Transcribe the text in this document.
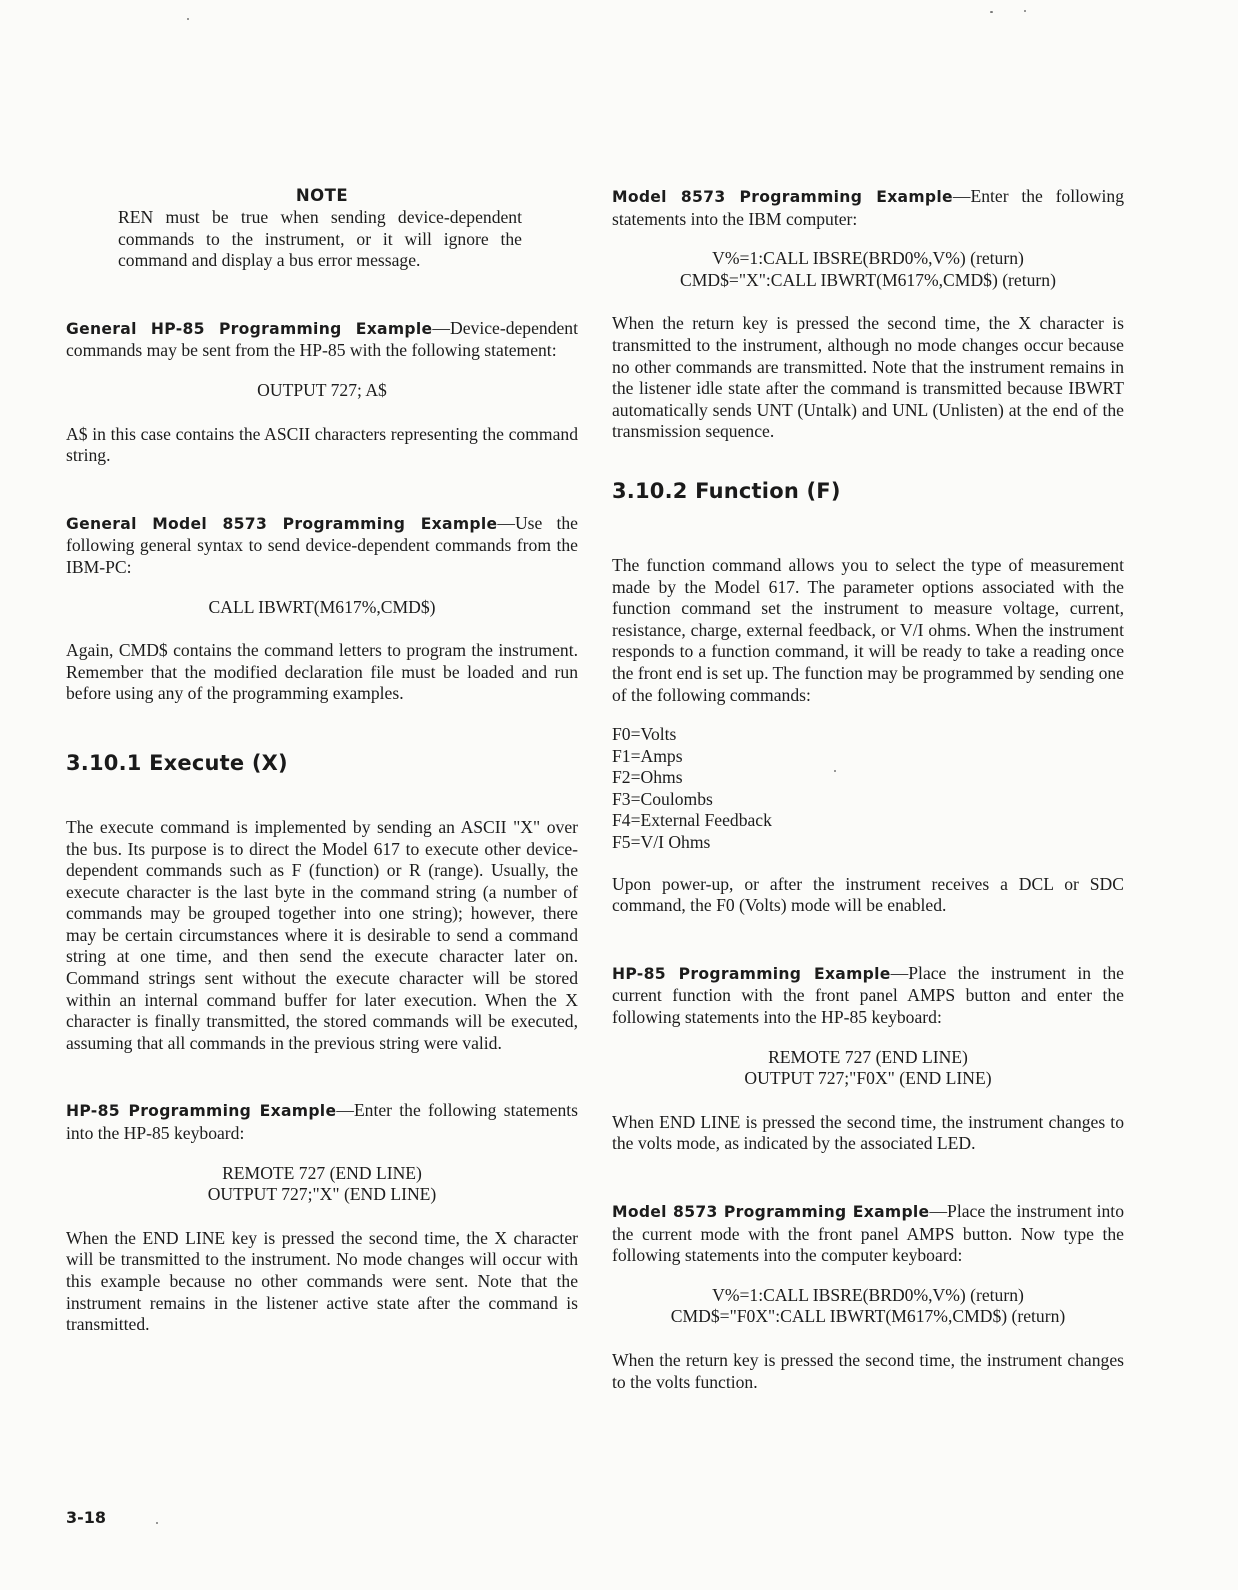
NOTE

REN must be true when sending device-dependent commands to the instrument, or it will ignore the command and display a bus error message.

General HP-85 Programming Example—Device-dependent commands may be sent from the HP-85 with the following statement:

OUTPUT 727; A$

A$ in this case contains the ASCII characters representing the command string.

General Model 8573 Programming Example—Use the following general syntax to send device-dependent commands from the IBM-PC:

CALL IBWRT(M617%,CMD$)

Again, CMD$ contains the command letters to program the instrument. Remember that the modified declaration file must be loaded and run before using any of the programming examples.

3.10.1 Execute (X)

The execute command is implemented by sending an ASCII "X" over the bus. Its purpose is to direct the Model 617 to execute other device-dependent commands such as F (function) or R (range). Usually, the execute character is the last byte in the command string (a number of commands may be grouped together into one string); however, there may be certain circumstances where it is desirable to send a command string at one time, and then send the execute character later on. Command strings sent without the execute character will be stored within an internal command buffer for later execution. When the X character is finally transmitted, the stored commands will be executed, assuming that all commands in the previous string were valid.

HP-85 Programming Example—Enter the following statements into the HP-85 keyboard:

REMOTE 727 (END LINE)
OUTPUT 727;"X" (END LINE)

When the END LINE key is pressed the second time, the X character will be transmitted to the instrument. No mode changes will occur with this example because no other commands were sent. Note that the instrument remains in the listener active state after the command is transmitted.

Model 8573 Programming Example—Enter the following statements into the IBM computer:

V%=1:CALL IBSRE(BRD0%,V%) (return)
CMD$="X":CALL IBWRT(M617%,CMD$) (return)

When the return key is pressed the second time, the X character is transmitted to the instrument, although no mode changes occur because no other commands are transmitted. Note that the instrument remains in the listener idle state after the command is transmitted because IBWRT automatically sends UNT (Untalk) and UNL (Unlisten) at the end of the transmission sequence.

3.10.2 Function (F)

The function command allows you to select the type of measurement made by the Model 617. The parameter options associated with the function command set the instrument to measure voltage, current, resistance, charge, external feedback, or V/I ohms. When the instrument responds to a function command, it will be ready to take a reading once the front end is set up. The function may be programmed by sending one of the following commands:

F0=Volts
F1=Amps
F2=Ohms
F3=Coulombs
F4=External Feedback
F5=V/I Ohms

Upon power-up, or after the instrument receives a DCL or SDC command, the F0 (Volts) mode will be enabled.

HP-85 Programming Example—Place the instrument in the current function with the front panel AMPS button and enter the following statements into the HP-85 keyboard:

REMOTE 727 (END LINE)
OUTPUT 727;"F0X" (END LINE)

When END LINE is pressed the second time, the instrument changes to the volts mode, as indicated by the associated LED.

Model 8573 Programming Example—Place the instrument into the current mode with the front panel AMPS button. Now type the following statements into the computer keyboard:

V%=1:CALL IBSRE(BRD0%,V%) (return)
CMD$="F0X":CALL IBWRT(M617%,CMD$) (return)

When the return key is pressed the second time, the instrument changes to the volts function.

3-18
